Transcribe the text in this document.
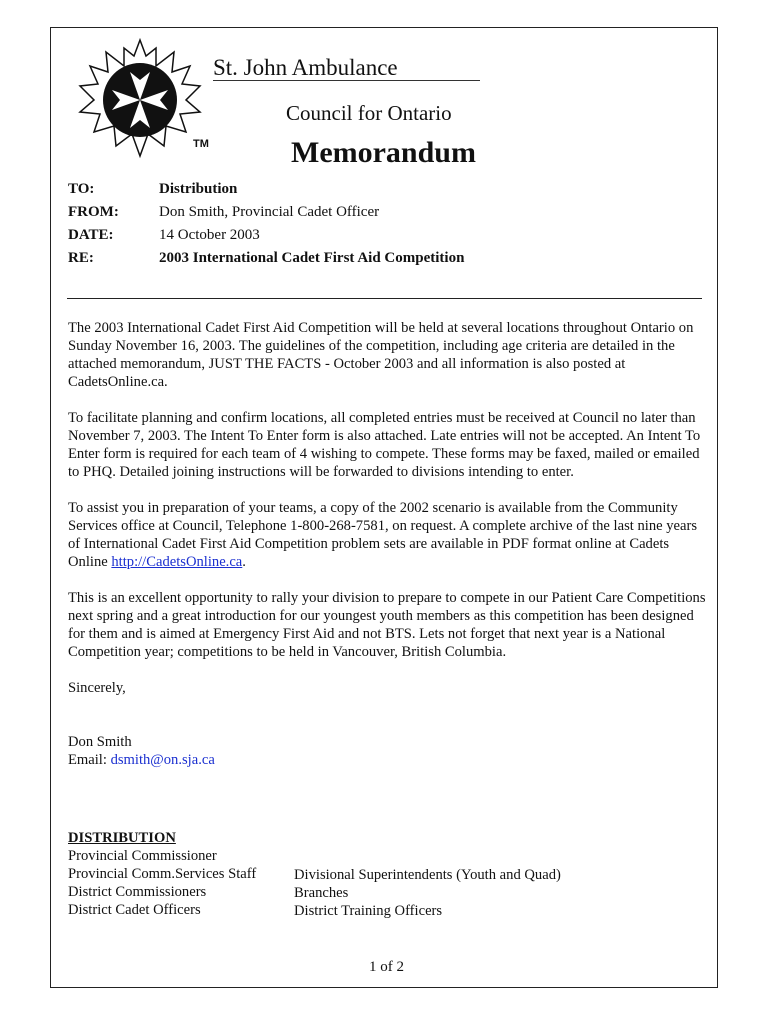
TM
St. John Ambulance
Council for Ontario
Memorandum
TO:	Distribution
FROM:	Don Smith, Provincial Cadet Officer
DATE:	14 October 2003
RE:	2003 International Cadet First Aid Competition

The 2003 International Cadet First Aid Competition will be held at several locations throughout Ontario on Sunday November 16, 2003. The guidelines of the competition, including age criteria are detailed in the attached memorandum, JUST THE FACTS - October 2003 and all information is also posted at CadetsOnline.ca.

To facilitate planning and confirm locations, all completed entries must be received at Council no later than November 7, 2003. The Intent To Enter form is also attached. Late entries will not be accepted. An Intent To Enter form is required for each team of 4 wishing to compete. These forms may be faxed, mailed or emailed to PHQ. Detailed joining instructions will be forwarded to divisions intending to enter.

To assist you in preparation of your teams, a copy of the 2002 scenario is available from the Community Services office at Council, Telephone 1-800-268-7581, on request. A complete archive of the last nine years of International Cadet First Aid Competition problem sets are available in PDF format online at Cadets Online http://CadetsOnline.ca.

This is an excellent opportunity to rally your division to prepare to compete in our Patient Care Competitions next spring and a great introduction for our youngest youth members as this competition has been designed for them and is aimed at Emergency First Aid and not BTS. Lets not forget that next year is a National Competition year; competitions to be held in Vancouver, British Columbia.

Sincerely,

Don Smith
Email: dsmith@on.sja.ca
DISTRIBUTION
Provincial Commissioner
Provincial Comm.Services Staff
District Commissioners
District Cadet Officers
Divisional Superintendents (Youth and Quad)
Branches
District Training Officers
1 of 2
